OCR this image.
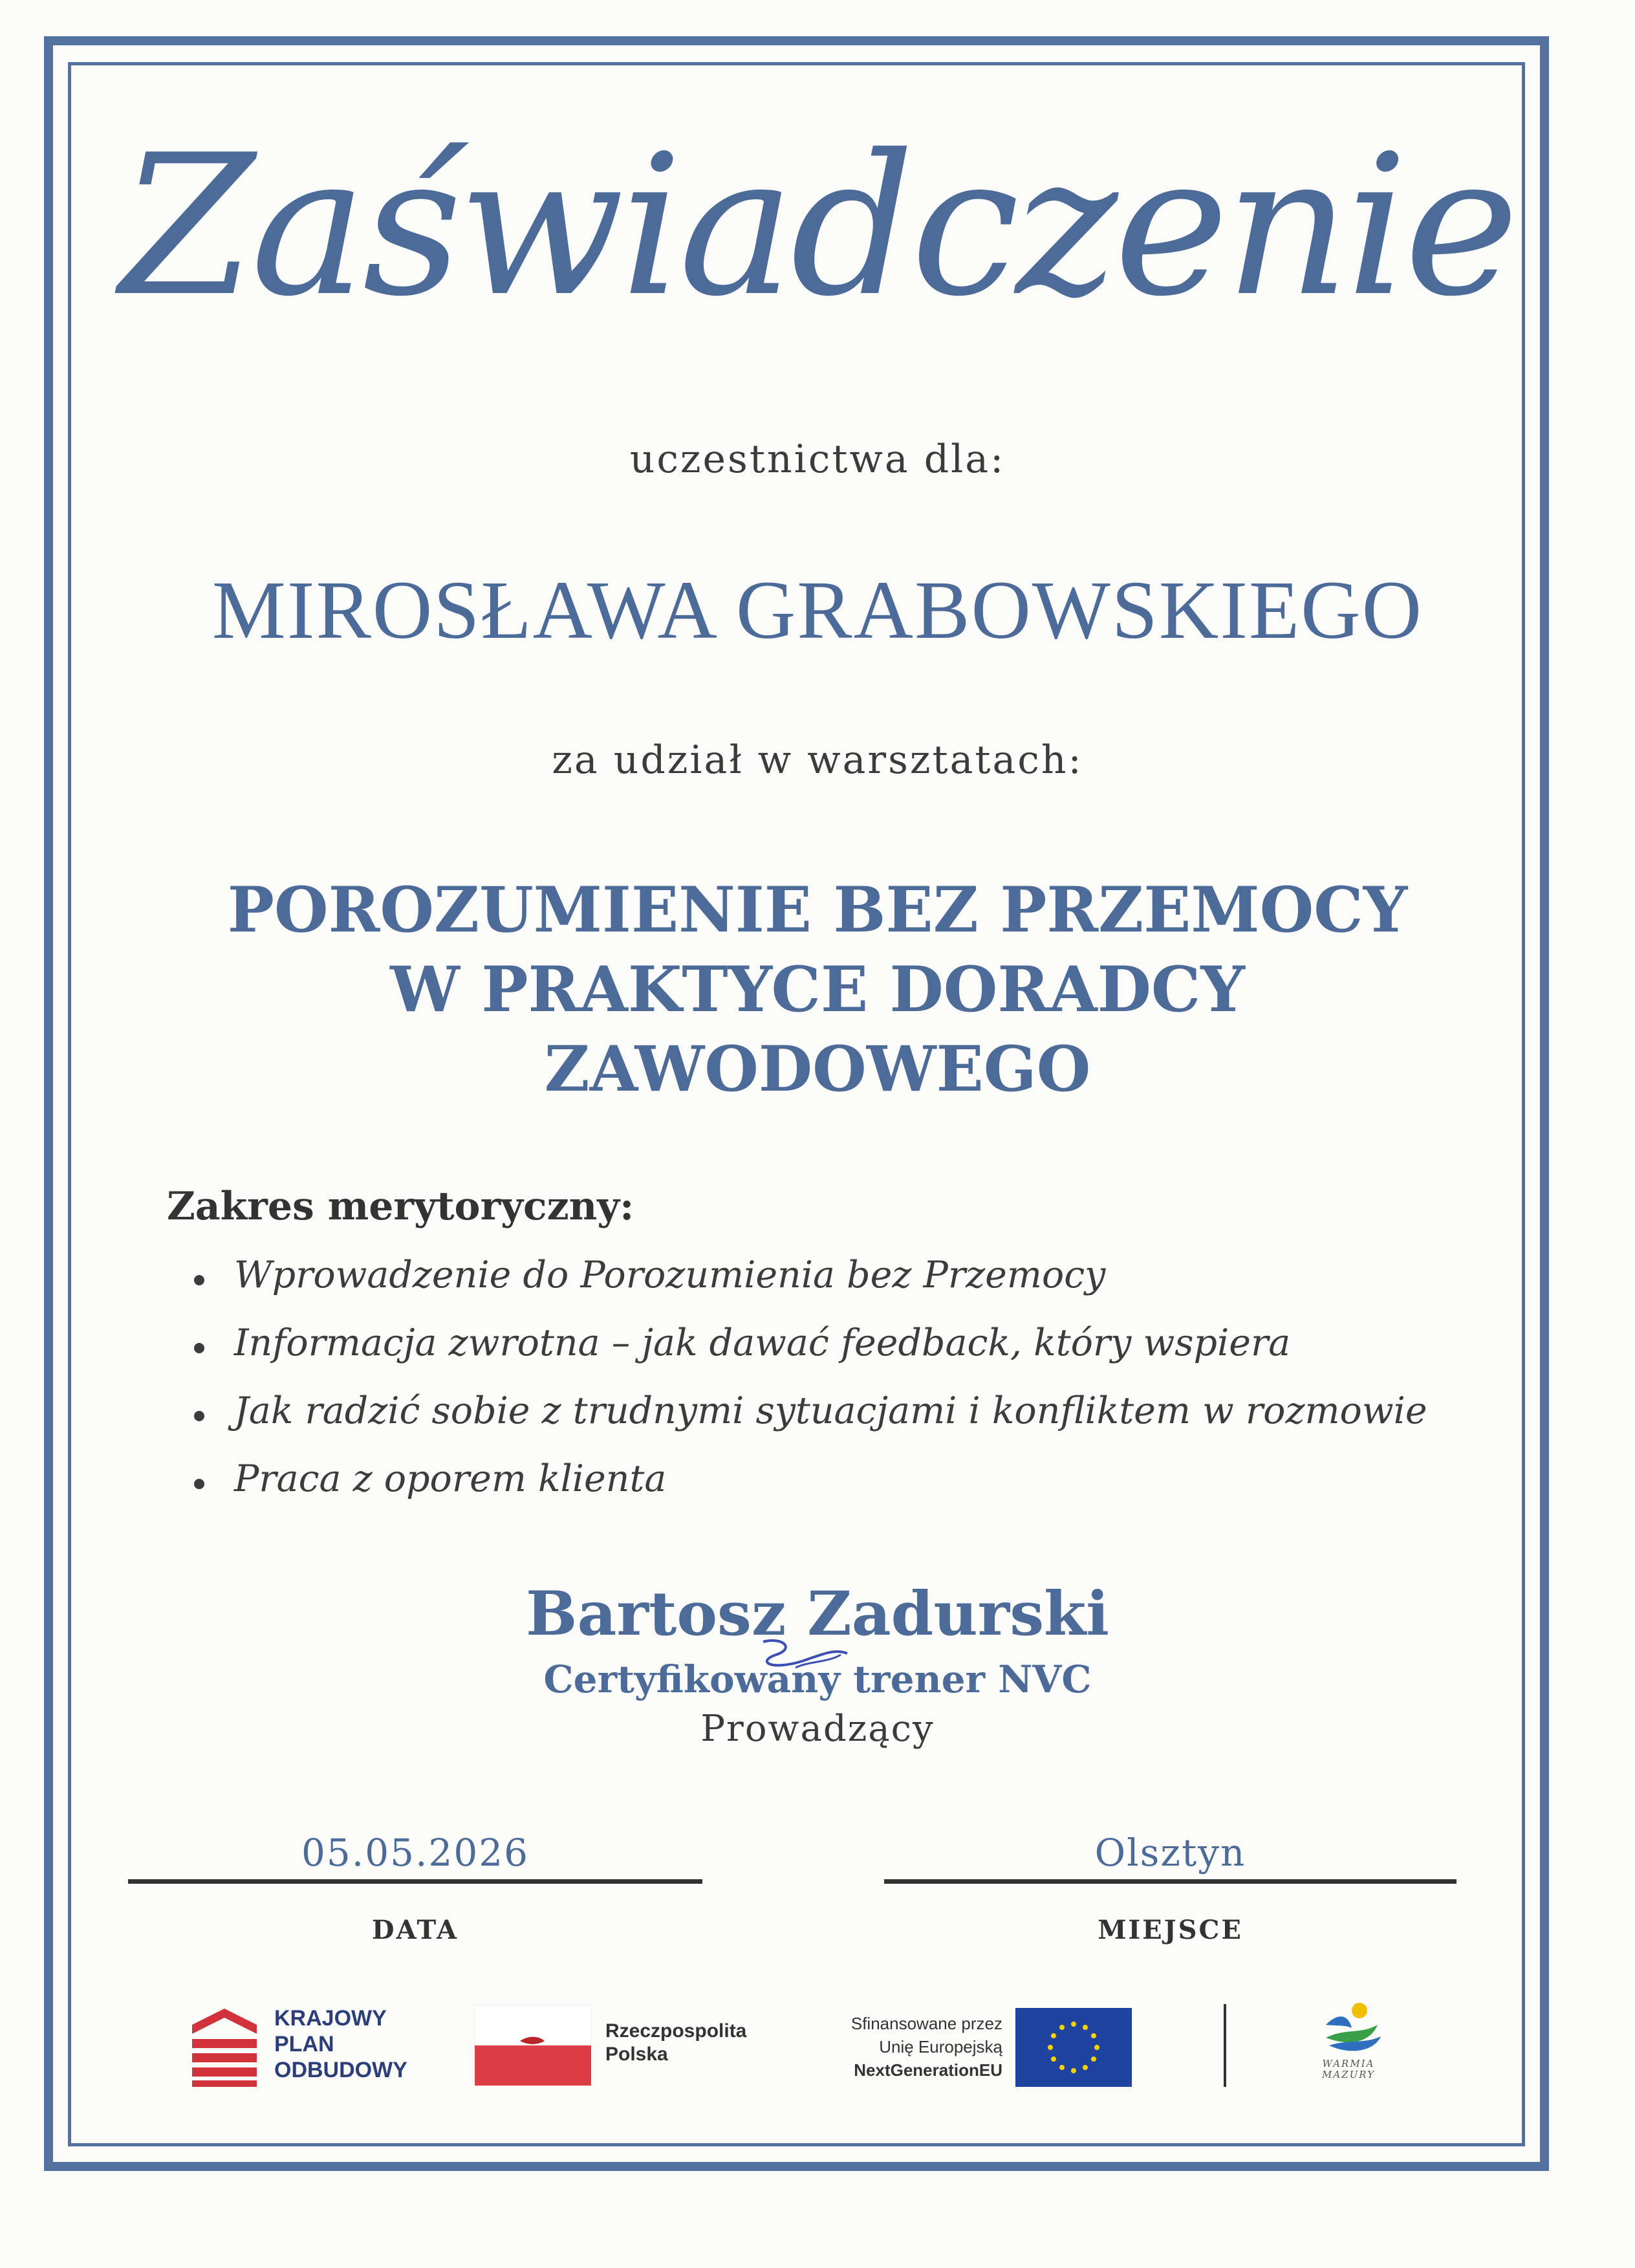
Zaświadczenie
uczestnictwa dla:
MIROSŁAWA GRABOWSKIEGO
za udział w warsztatach:
POROZUMIENIE BEZ PRZEMOCY
W PRAKTYCE DORADCY
ZAWODOWEGO
Zakres merytoryczny:
Wprowadzenie do Porozumienia bez Przemocy
Informacja zwrotna – jak dawać feedback, który wspiera
Jak radzić sobie z trudnymi sytuacjami i konfliktem w rozmowie
Praca z oporem klienta
Bartosz Zadurski
Certyfikowany trener NVC
Prowadzący
05.05.2026
DATA
Olsztyn
MIEJSCE
KRAJOWY
PLAN
ODBUDOWY
Rzeczpospolita
Polska
Sfinansowane przez
Unię Europejską
NextGenerationEU	WARMIA
MAZURY
